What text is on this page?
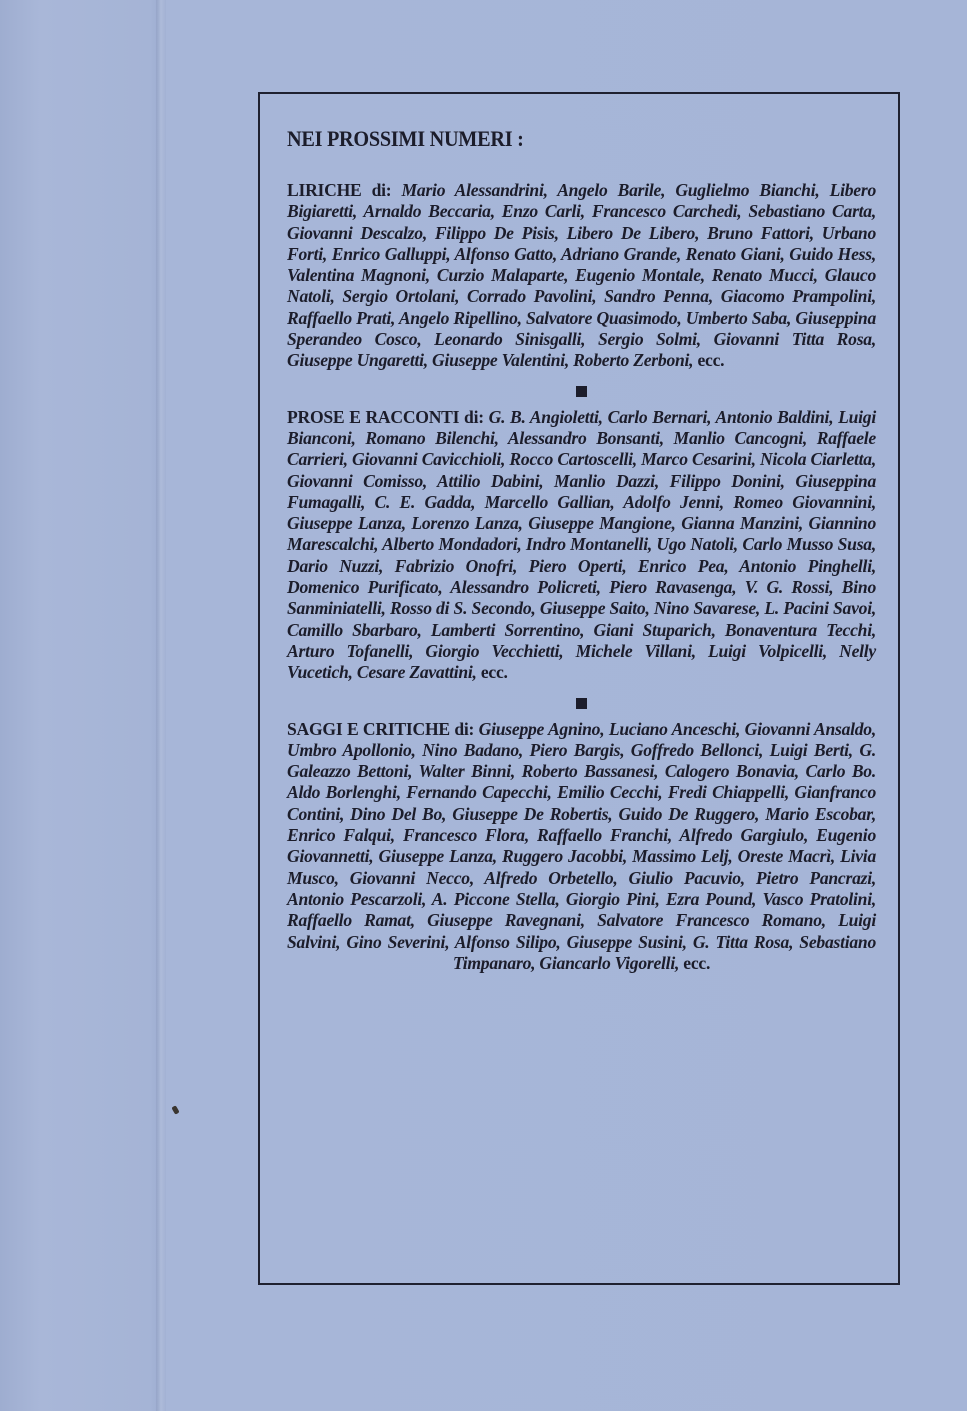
NEI PROSSIMI NUMERI :
LIRICHE di: Mario Alessandrini, Angelo Barile, Guglielmo Bianchi, Libero Bigiaretti, Arnaldo Beccaria, Enzo Carli, Francesco Carchedi, Sebastiano Carta, Giovanni Descalzo, Filippo De Pisis, Libero De Libero, Bruno Fattori, Urbano Forti, Enrico Galluppi, Alfonso Gatto, Adriano Grande, Renato Giani, Guido Hess, Valentina Magnoni, Curzio Malaparte, Eugenio Montale, Renato Mucci, Glauco Natoli, Sergio Ortolani, Corrado Pavolini, Sandro Penna, Giacomo Prampolini, Raffaello Prati, Angelo Ripellino, Salvatore Quasimodo, Umberto Saba, Giuseppina Sperandeo Cosco, Leonardo Sinisgalli, Sergio Solmi, Giovanni Titta Rosa, Giuseppe Ungaretti, Giuseppe Valentini, Roberto Zerboni, ecc.
PROSE E RACCONTI di: G. B. Angioletti, Carlo Bernari, Antonio Baldini, Luigi Bianconi, Romano Bilenchi, Alessandro Bonsanti, Manlio Cancogni, Raffaele Carrieri, Giovanni Cavicchioli, Rocco Cartoscelli, Marco Cesarini, Nicola Ciarletta, Giovanni Comisso, Attilio Dabini, Manlio Dazzi, Filippo Donini, Giuseppina Fumagalli, C. E. Gadda, Marcello Gallian, Adolfo Jenni, Romeo Giovannini, Giuseppe Lanza, Lorenzo Lanza, Giuseppe Mangione, Gianna Manzini, Giannino Marescalchi, Alberto Mondadori, Indro Montanelli, Ugo Natoli, Carlo Musso Susa, Dario Nuzzi, Fabrizio Onofri, Piero Operti, Enrico Pea, Antonio Pinghelli, Domenico Purificato, Alessandro Policreti, Piero Ravasenga, V. G. Rossi, Bino Sanminiatelli, Rosso di S. Secondo, Giuseppe Saito, Nino Savarese, L. Pacini Savoi, Camillo Sbarbaro, Lamberti Sorrentino, Giani Stuparich, Bonaventura Tecchi, Arturo Tofanelli, Giorgio Vecchietti, Michele Villani, Luigi Volpicelli, Nelly Vucetich, Cesare Zavattini, ecc.
SAGGI E CRITICHE di: Giuseppe Agnino, Luciano Anceschi, Giovanni Ansaldo, Umbro Apollonio, Nino Badano, Piero Bargis, Goffredo Bellonci, Luigi Berti, G. Galeazzo Bettoni, Walter Binni, Roberto Bassanesi, Calogero Bonavia, Carlo Bo. Aldo Borlenghi, Fernando Capecchi, Emilio Cecchi, Fredi Chiappelli, Gianfranco Contini, Dino Del Bo, Giuseppe De Robertis, Guido De Ruggero, Mario Escobar, Enrico Falqui, Francesco Flora, Raffaello Franchi, Alfredo Gargiulo, Eugenio Giovannetti, Giuseppe Lanza, Ruggero Jacobbi, Massimo Lelj, Oreste Macrì, Livia Musco, Giovanni Necco, Alfredo Orbetello, Giulio Pacuvio, Pietro Pancrazi, Antonio Pescarzoli, A. Piccone Stella, Giorgio Pini, Ezra Pound, Vasco Pratolini, Raffaello Ramat, Giuseppe Ravegnani, Salvatore Francesco Romano, Luigi Salvini, Gino Severini, Alfonso Silipo, Giuseppe Susini, G. Titta Rosa, Sebastiano Timpanaro, Giancarlo Vigorelli, ecc.
